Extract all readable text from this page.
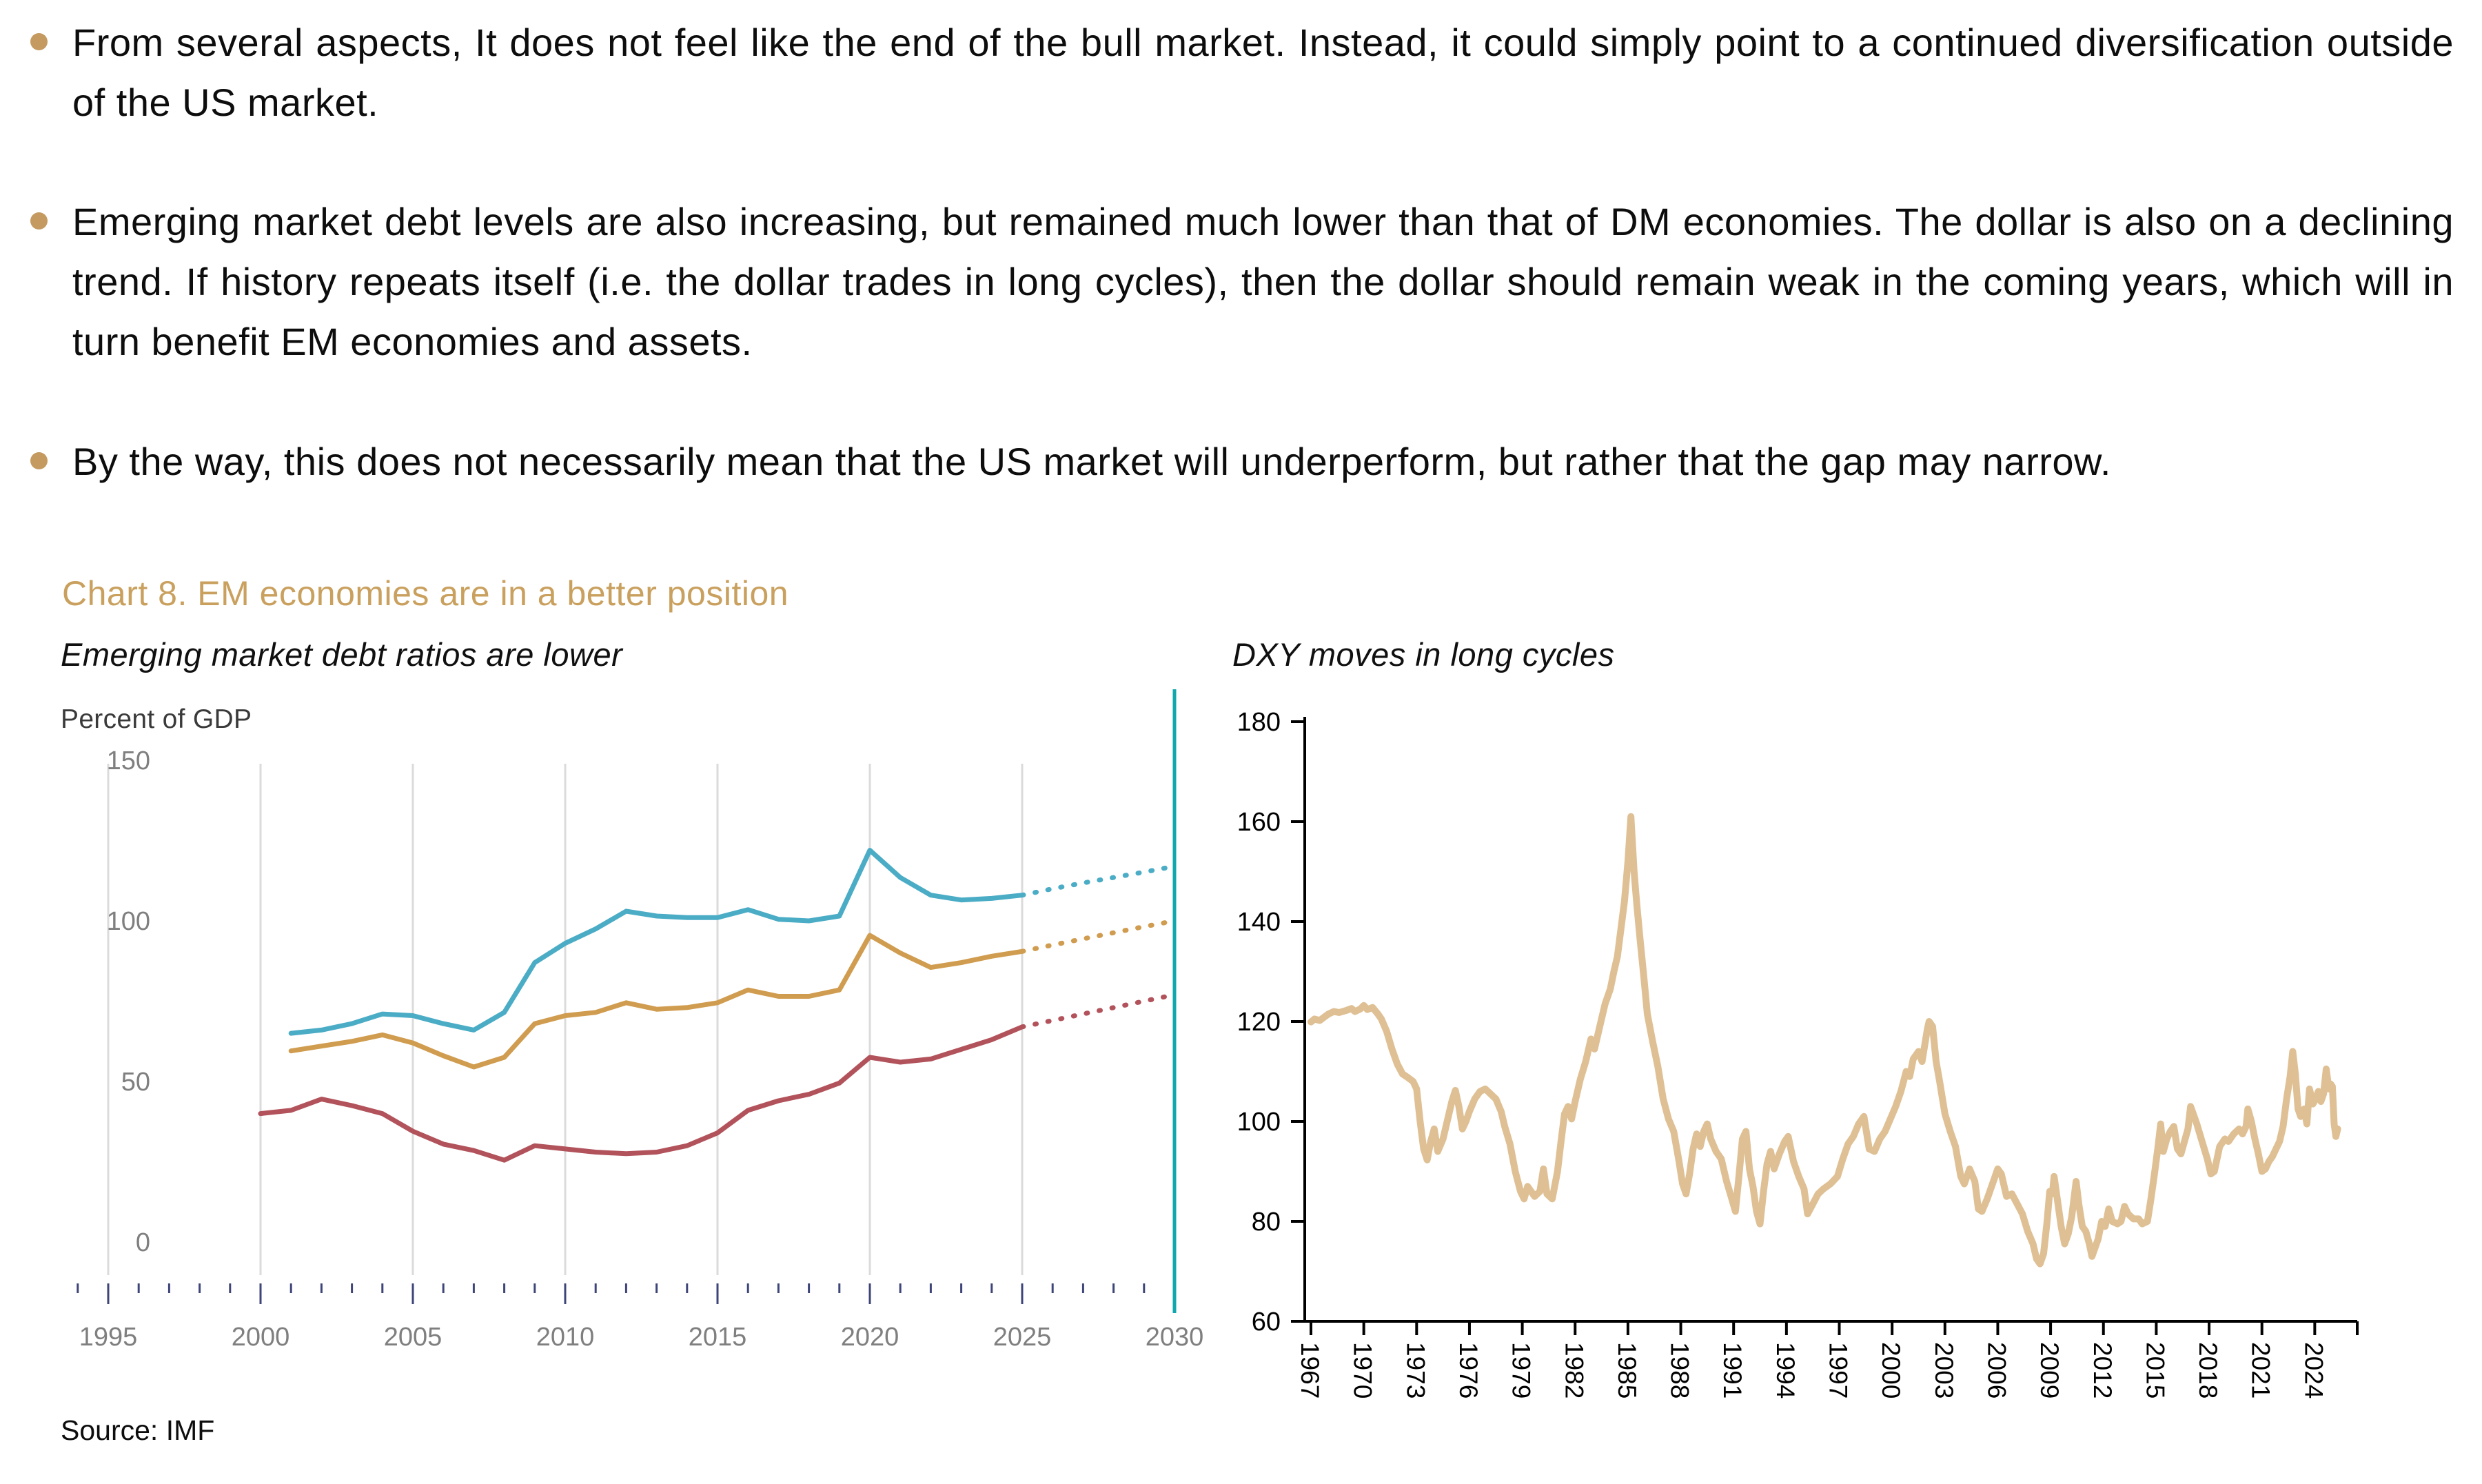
From several aspects, It does not feel like the end of the bull market. Instead, it could simply point to a continued diversification outside of the US market.

Emerging market debt levels are also increasing, but remained much lower than that of DM economies. The dollar is also on a declining trend. If history repeats itself (i.e. the dollar trades in long cycles), then the dollar should remain weak in the coming years, which will in turn benefit EM economies and assets.

By the way, this does not necessarily mean that the US market will underperform, but rather that the gap may narrow.

Chart 8. EM economies are in a better position
Emerging market debt ratios are lower	DXY moves in long cycles
Percent of GDP
0
50
100
150
1995	2000	2005	2010	2015	2020	2025	2030
60
80
100
120
140
160
180
1967 1970 1973 1976 1979 1982 1985 1988 1991 1994 1997 2000 2003 2006 2009 2012 2015 2018 2021 2024
Source: IMF
